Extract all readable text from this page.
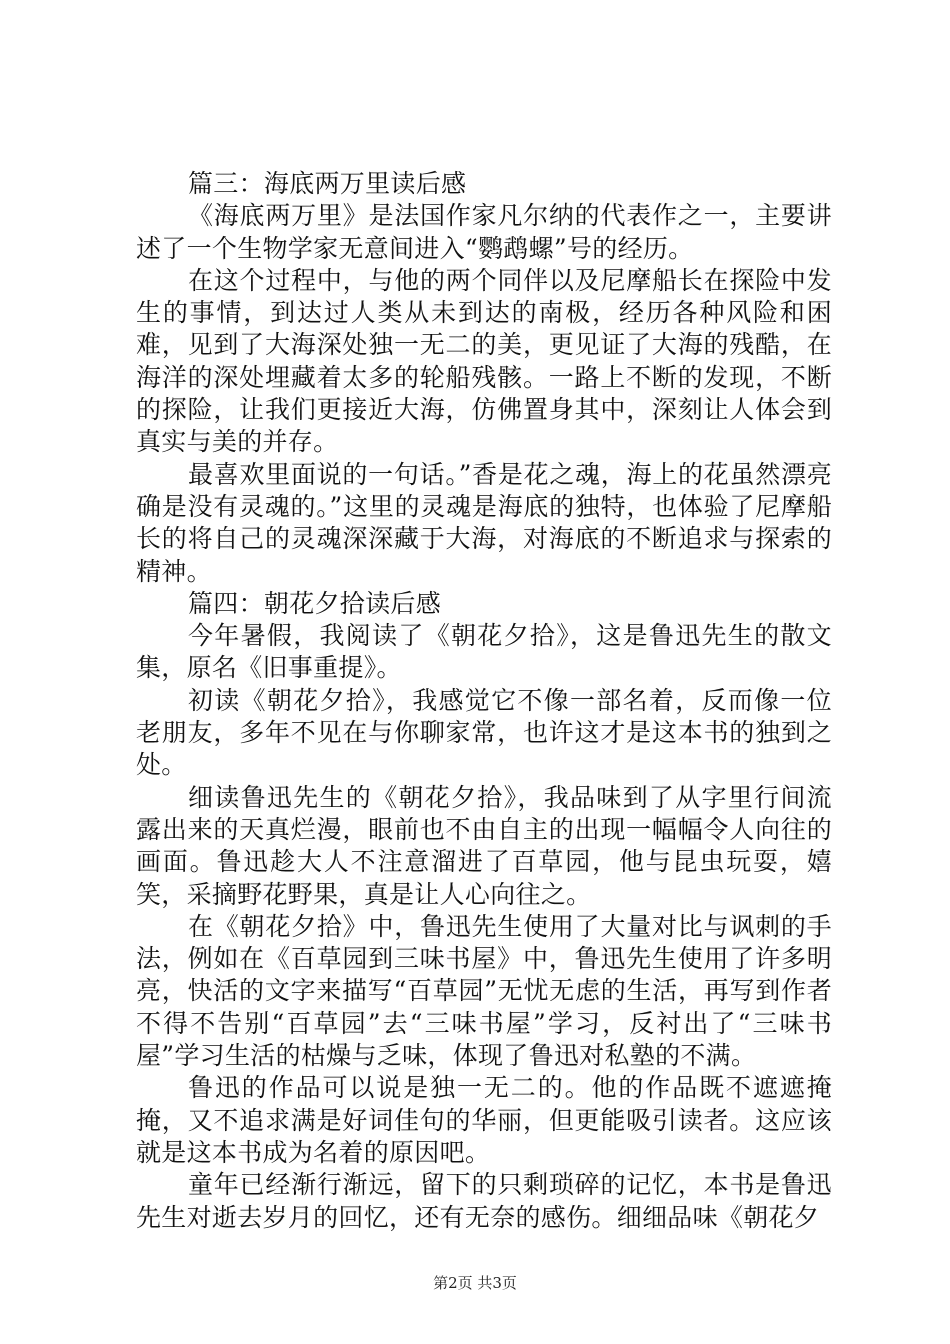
篇三：海底两万里读后感

《海底两万里》是法国作家凡尔纳的代表作之一，主要讲述了一个生物学家无意间进入“鹦鹉螺”号的经历。

在这个过程中，与他的两个同伴以及尼摩船长在探险中发生的事情，到达过人类从未到达的南极，经历各种风险和困难，见到了大海深处独一无二的美，更见证了大海的残酷，在海洋的深处埋藏着太多的轮船残骸。一路上不断的发现，不断的探险，让我们更接近大海，仿佛置身其中，深刻让人体会到真实与美的并存。

最喜欢里面说的一句话。”香是花之魂，海上的花虽然漂亮确是没有灵魂的。”这里的灵魂是海底的独特，也体验了尼摩船长的将自己的灵魂深深藏于大海，对海底的不断追求与探索的精神。

篇四：朝花夕拾读后感

今年暑假，我阅读了《朝花夕拾》，这是鲁迅先生的散文集，原名《旧事重提》。

初读《朝花夕拾》，我感觉它不像一部名着，反而像一位老朋友，多年不见在与你聊家常，也许这才是这本书的独到之处。

细读鲁迅先生的《朝花夕拾》，我品味到了从字里行间流露出来的天真烂漫，眼前也不由自主的出现一幅幅令人向往的画面。鲁迅趁大人不注意溜进了百草园，他与昆虫玩耍，嬉笑，采摘野花野果，真是让人心向往之。

在《朝花夕拾》中，鲁迅先生使用了大量对比与讽刺的手法，例如在《百草园到三味书屋》中，鲁迅先生使用了许多明亮，快活的文字来描写“百草园”无忧无虑的生活，再写到作者不得不告别“百草园”去“三味书屋”学习，反衬出了“三味书屋”学习生活的枯燥与乏味，体现了鲁迅对私塾的不满。

鲁迅的作品可以说是独一无二的。他的作品既不遮遮掩掩，又不追求满是好词佳句的华丽，但更能吸引读者。这应该就是这本书成为名着的原因吧。

童年已经渐行渐远，留下的只剩琐碎的记忆，本书是鲁迅先生对逝去岁月的回忆，还有无奈的感伤。细细品味《朝花夕

第2页 共3页
